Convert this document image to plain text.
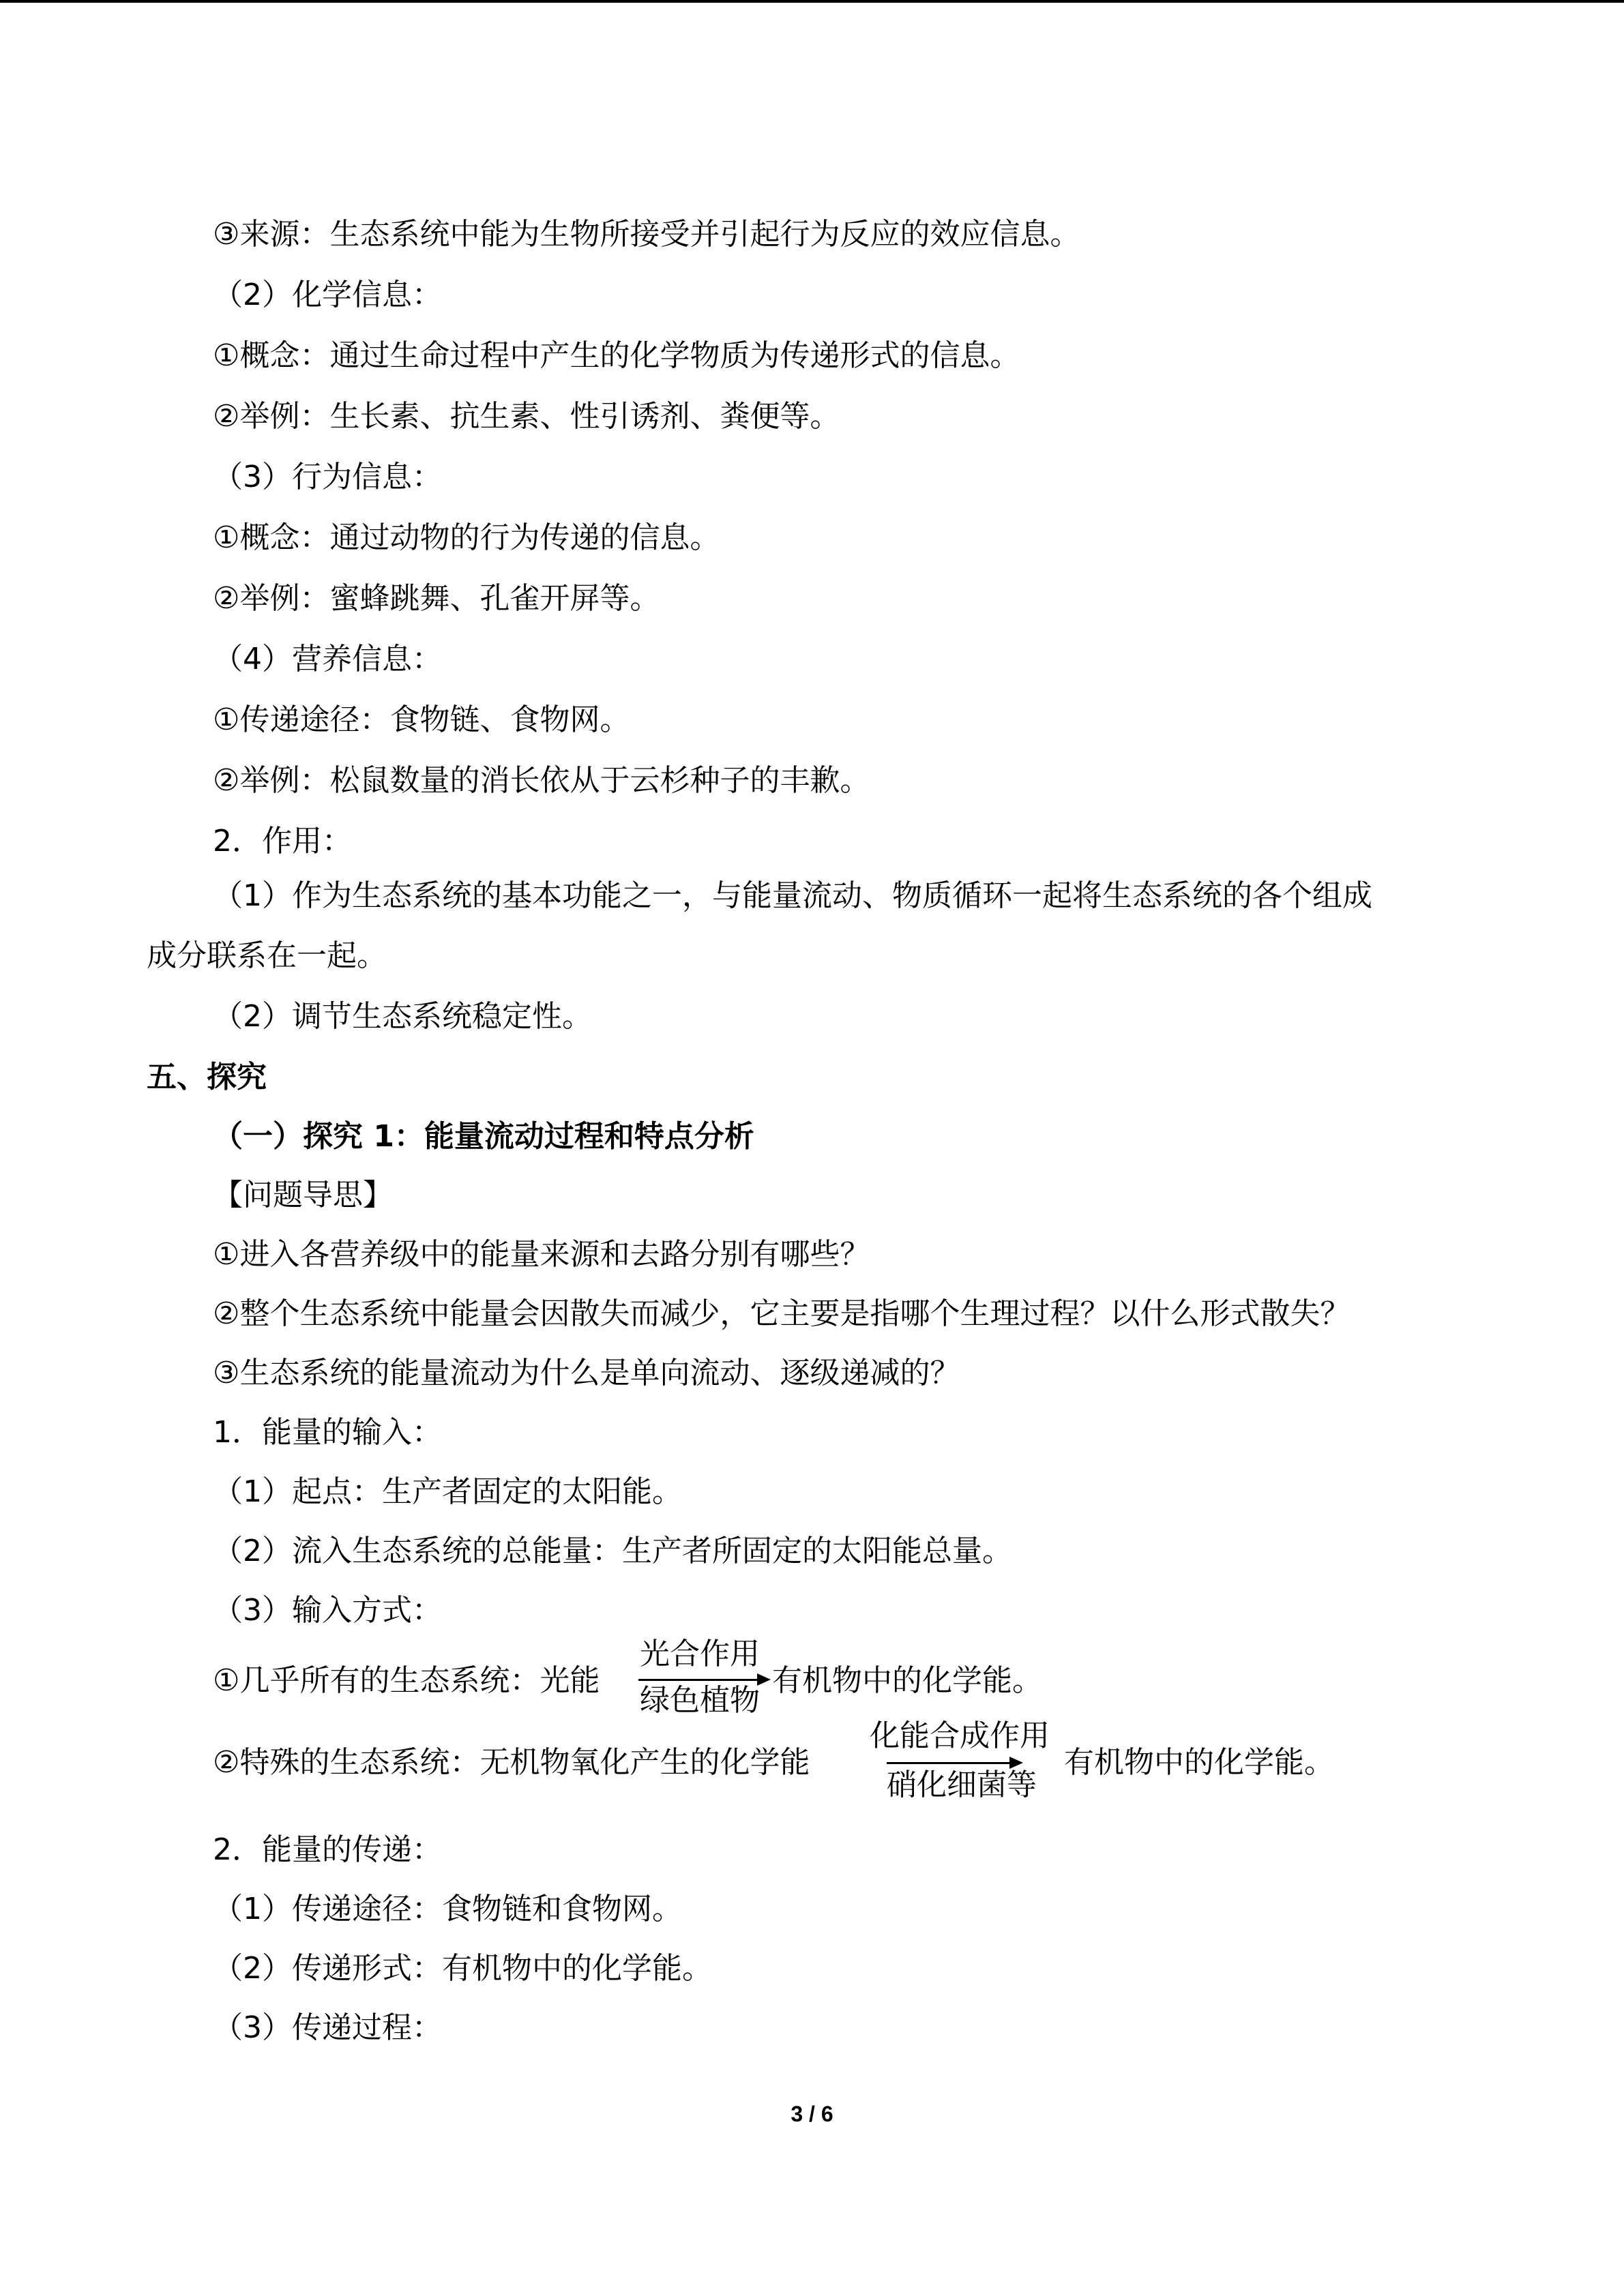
③来源：生态系统中能为生物所接受并引起行为反应的效应信息。
（2）化学信息：
①概念：通过生命过程中产生的化学物质为传递形式的信息。
②举例：生长素、抗生素、性引诱剂、粪便等。
（3）行为信息：
①概念：通过动物的行为传递的信息。
②举例：蜜蜂跳舞、孔雀开屏等。
（4）营养信息：
①传递途径：食物链、食物网。
②举例：松鼠数量的消长依从于云杉种子的丰歉。
2．作用：
（1）作为生态系统的基本功能之一，与能量流动、物质循环一起将生态系统的各个组成
成分联系在一起。
（2）调节生态系统稳定性。
五、探究
（一）探究 1：能量流动过程和特点分析
【问题导思】
①进入各营养级中的能量来源和去路分别有哪些？
②整个生态系统中能量会因散失而减少，它主要是指哪个生理过程？以什么形式散失？
③生态系统的能量流动为什么是单向流动、逐级递减的？
1．能量的输入：
（1）起点：生产者固定的太阳能。
（2）流入生态系统的总能量：生产者所固定的太阳能总量。
（3）输入方式：
①几乎所有的生态系统：光能
光合作用
绿色植物
有机物中的化学能。
②特殊的生态系统：无机物氧化产生的化学能
化能合成作用
硝化细菌等
有机物中的化学能。
2．能量的传递：
（1）传递途径：食物链和食物网。
（2）传递形式：有机物中的化学能。
（3）传递过程：
3 / 6
